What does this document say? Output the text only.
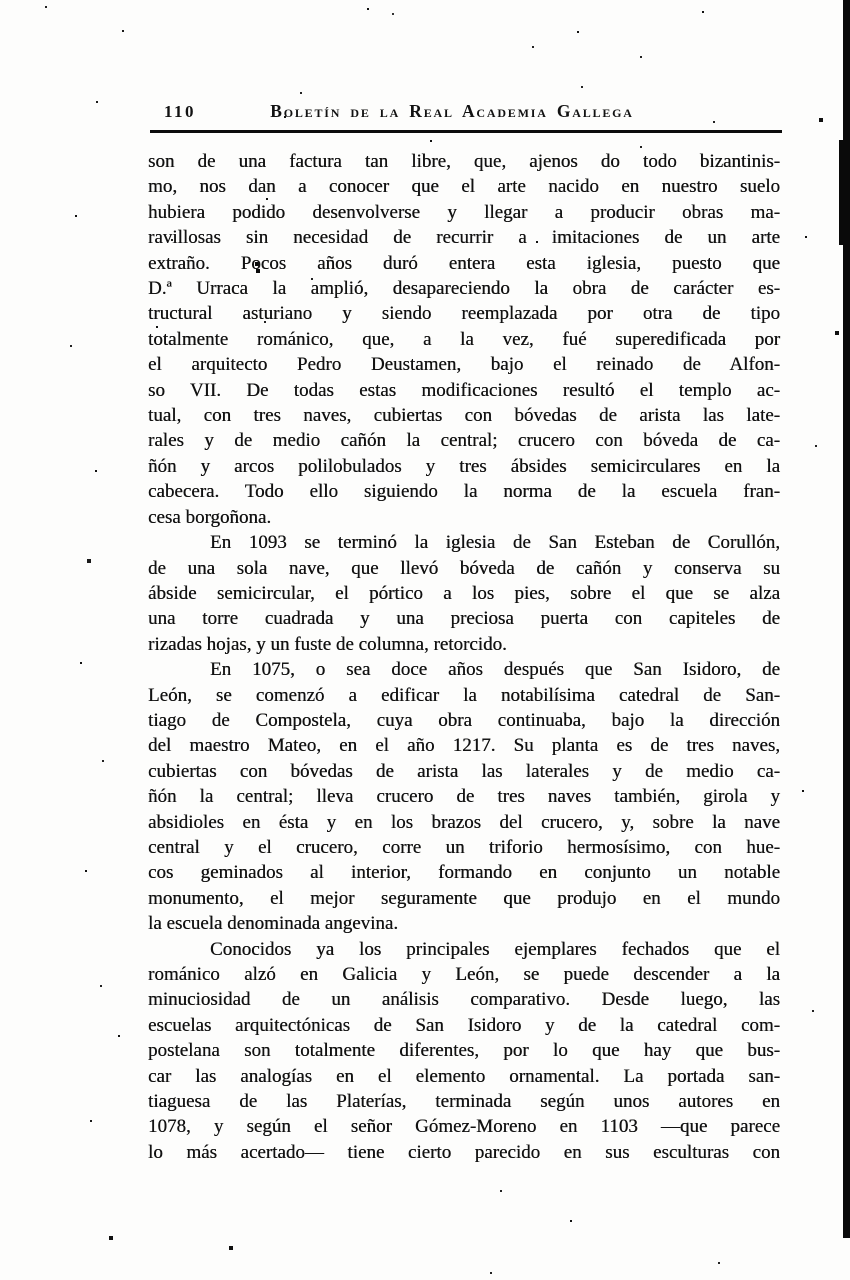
110	Boletín de la Real Academia Gallega
son de una factura tan libre, que, ajenos do todo bizantinis-
mo, nos dan a conocer que el arte nacido en nuestro suelo
hubiera podido desenvolverse y llegar a producir obras ma-
ravillosas sin necesidad de recurrir a imitaciones de un arte
extraño. Pocos años duró entera esta iglesia, puesto que
D.ª Urraca la amplió, desapareciendo la obra de carácter es-
tructural asturiano y siendo reemplazada por otra de tipo
totalmente románico, que, a la vez, fué superedificada por
el arquitecto Pedro Deustamen, bajo el reinado de Alfon-
so VII. De todas estas modificaciones resultó el templo ac-
tual, con tres naves, cubiertas con bóvedas de arista las late-
rales y de medio cañón la central; crucero con bóveda de ca-
ñón y arcos polilobulados y tres ábsides semicirculares en la
cabecera. Todo ello siguiendo la norma de la escuela fran-
cesa borgoñona.
En 1093 se terminó la iglesia de San Esteban de Corullón,
de una sola nave, que llevó bóveda de cañón y conserva su
ábside semicircular, el pórtico a los pies, sobre el que se alza
una torre cuadrada y una preciosa puerta con capiteles de
rizadas hojas, y un fuste de columna, retorcido.
En 1075, o sea doce años después que San Isidoro, de
León, se comenzó a edificar la notabilísima catedral de San-
tiago de Compostela, cuya obra continuaba, bajo la dirección
del maestro Mateo, en el año 1217. Su planta es de tres naves,
cubiertas con bóvedas de arista las laterales y de medio ca-
ñón la central; lleva crucero de tres naves también, girola y
absidioles en ésta y en los brazos del crucero, y, sobre la nave
central y el crucero, corre un triforio hermosísimo, con hue-
cos geminados al interior, formando en conjunto un notable
monumento, el mejor seguramente que produjo en el mundo
la escuela denominada angevina.
Conocidos ya los principales ejemplares fechados que el
románico alzó en Galicia y León, se puede descender a la
minuciosidad de un análisis comparativo. Desde luego, las
escuelas arquitectónicas de San Isidoro y de la catedral com-
postelana son totalmente diferentes, por lo que hay que bus-
car las analogías en el elemento ornamental. La portada san-
tiaguesa de las Platerías, terminada según unos autores en
1078, y según el señor Gómez-Moreno en 1103 —que parece
lo más acertado— tiene cierto parecido en sus esculturas con
